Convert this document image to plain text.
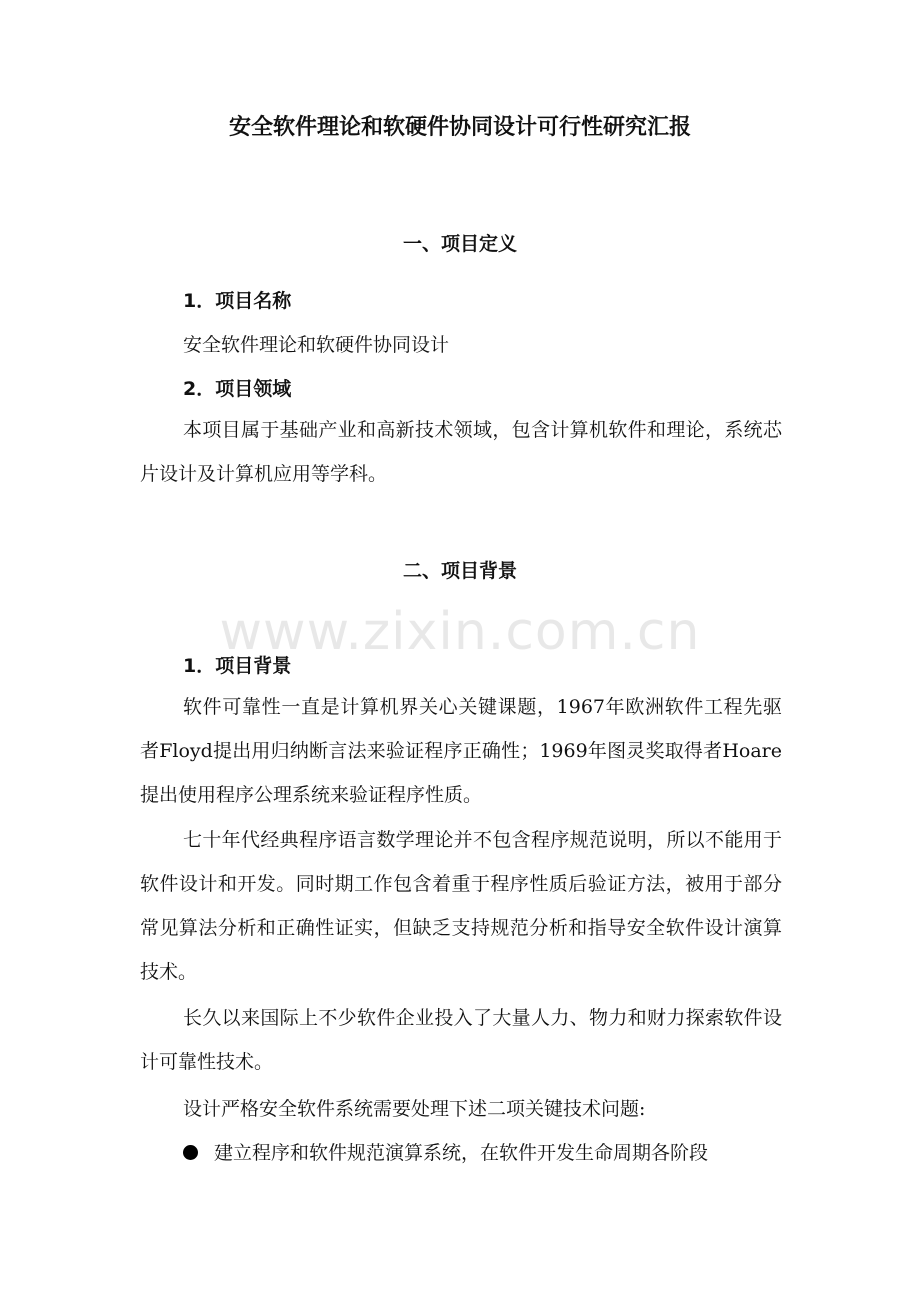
安全软件理论和软硬件协同设计可行性研究汇报
一、项目定义
1．项目名称
安全软件理论和软硬件协同设计
2．项目领域

本项目属于基础产业和高新技术领域，包含计算机软件和理论，系统芯片设计及计算机应用等学科。

二、项目背景
www.zixin.com.cn
1．项目背景

软件可靠性一直是计算机界关心关键课题，1967年欧洲软件工程先驱者Floyd提出用归纳断言法来验证程序正确性；1969年图灵奖取得者Hoare提出使用程序公理系统来验证程序性质。

七十年代经典程序语言数学理论并不包含程序规范说明，所以不能用于软件设计和开发。同时期工作包含着重于程序性质后验证方法，被用于部分常见算法分析和正确性证实，但缺乏支持规范分析和指导安全软件设计演算技术。

长久以来国际上不少软件企业投入了大量人力、物力和财力探索软件设计可靠性技术。

设计严格安全软件系统需要处理下述二项关键技术问题:
建立程序和软件规范演算系统，在软件开发生命周期各阶段
